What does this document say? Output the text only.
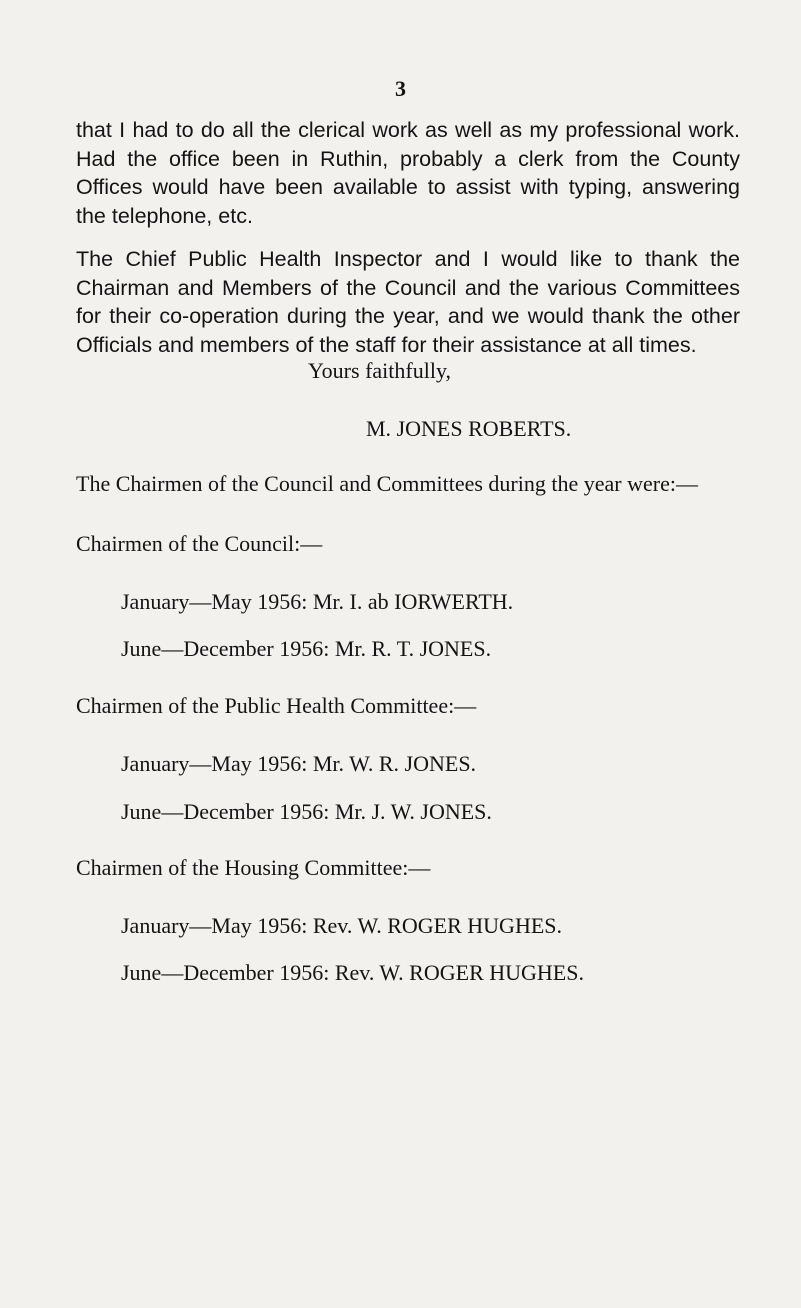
3

that I had to do all the clerical work as well as my professional work. Had the office been in Ruthin, probably a clerk from the County Offices would have been available to assist with typing, answering the telephone, etc.

The Chief Public Health Inspector and I would like to thank the Chairman and Members of the Council and the various Committees for their co-operation during the year, and we would thank the other Officials and members of the staff for their assistance at all times.

Yours faithfully,
M. JONES ROBERTS.

The Chairmen of the Council and Committees during the year were:—

Chairmen of the Council:—
January—May 1956: Mr. I. ab IORWERTH.
June—December 1956: Mr. R. T. JONES.
Chairmen of the Public Health Committee:—
January—May 1956: Mr. W. R. JONES.
June—December 1956: Mr. J. W. JONES.
Chairmen of the Housing Committee:—
January—May 1956: Rev. W. ROGER HUGHES.
June—December 1956: Rev. W. ROGER HUGHES.
